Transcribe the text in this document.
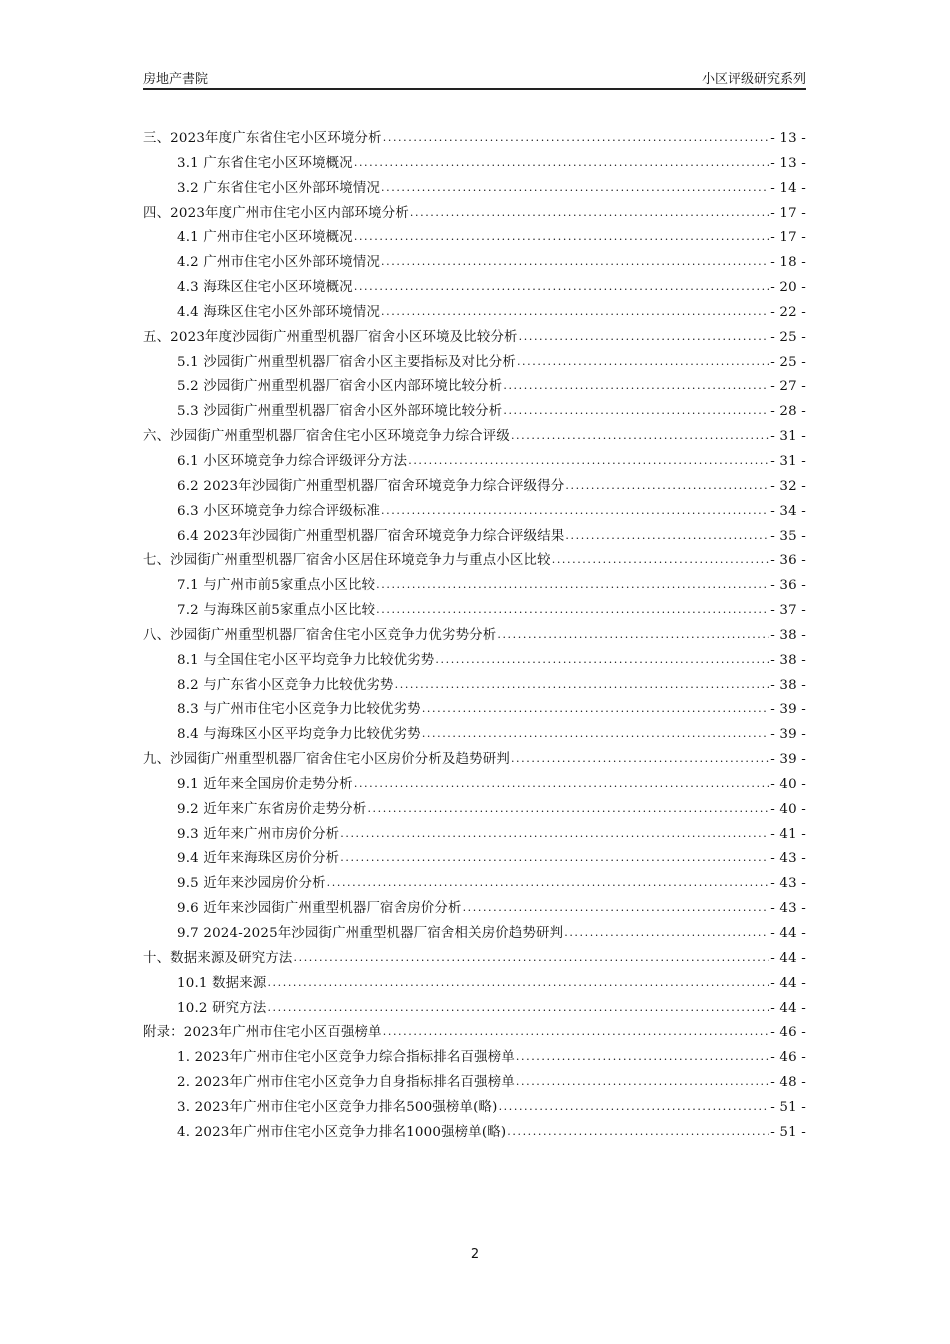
房地产書院	小区评级研究系列
三、2023年度广东省住宅小区环境分析 .....	- 13 -
3.1 广东省住宅小区环境概况 .....	- 13 -
3.2 广东省住宅小区外部环境情况 .....	- 14 -
四、2023年度广州市住宅小区内部环境分析 .....	- 17 -
4.1 广州市住宅小区环境概况 .....	- 17 -
4.2 广州市住宅小区外部环境情况 .....	- 18 -
4.3 海珠区住宅小区环境概况 .....	- 20 -
4.4 海珠区住宅小区外部环境情况 .....	- 22 -
五、2023年度沙园街广州重型机器厂宿舍小区环境及比较分析 .....	- 25 -
5.1 沙园街广州重型机器厂宿舍小区主要指标及对比分析 .....	- 25 -
5.2 沙园街广州重型机器厂宿舍小区内部环境比较分析 .....	- 27 -
5.3 沙园街广州重型机器厂宿舍小区外部环境比较分析 .....	- 28 -
六、沙园街广州重型机器厂宿舍住宅小区环境竞争力综合评级 .....	- 31 -
6.1 小区环境竞争力综合评级评分方法 .....	- 31 -
6.2 2023年沙园街广州重型机器厂宿舍环境竞争力综合评级得分 .....	- 32 -
6.3 小区环境竞争力综合评级标准 .....	- 34 -
6.4 2023年沙园街广州重型机器厂宿舍环境竞争力综合评级结果 .....	- 35 -
七、沙园街广州重型机器厂宿舍小区居住环境竞争力与重点小区比较 .....	- 36 -
7.1 与广州市前5家重点小区比较 .....	- 36 -
7.2 与海珠区前5家重点小区比较 .....	- 37 -
八、沙园街广州重型机器厂宿舍住宅小区竞争力优劣势分析 .....	- 38 -
8.1 与全国住宅小区平均竞争力比较优劣势 .....	- 38 -
8.2 与广东省小区竞争力比较优劣势 .....	- 38 -
8.3 与广州市住宅小区竞争力比较优劣势 .....	- 39 -
8.4 与海珠区小区平均竞争力比较优劣势 .....	- 39 -
九、沙园街广州重型机器厂宿舍住宅小区房价分析及趋势研判 .....	- 39 -
9.1 近年来全国房价走势分析 .....	- 40 -
9.2 近年来广东省房价走势分析 .....	- 40 -
9.3 近年来广州市房价分析 .....	- 41 -
9.4 近年来海珠区房价分析 .....	- 43 -
9.5 近年来沙园房价分析 .....	- 43 -
9.6 近年来沙园街广州重型机器厂宿舍房价分析 .....	- 43 -
9.7 2024-2025年沙园街广州重型机器厂宿舍相关房价趋势研判 .....	- 44 -
十、数据来源及研究方法 .....	- 44 -
10.1 数据来源 .....	- 44 -
10.2 研究方法 .....	- 44 -
附录：2023年广州市住宅小区百强榜单 .....	- 46 -
1. 2023年广州市住宅小区竞争力综合指标排名百强榜单 .....	- 46 -
2. 2023年广州市住宅小区竞争力自身指标排名百强榜单 .....	- 48 -
3. 2023年广州市住宅小区竞争力排名500强榜单(略) .....	- 51 -
4. 2023年广州市住宅小区竞争力排名1000强榜单(略) .....	- 51 -
2
